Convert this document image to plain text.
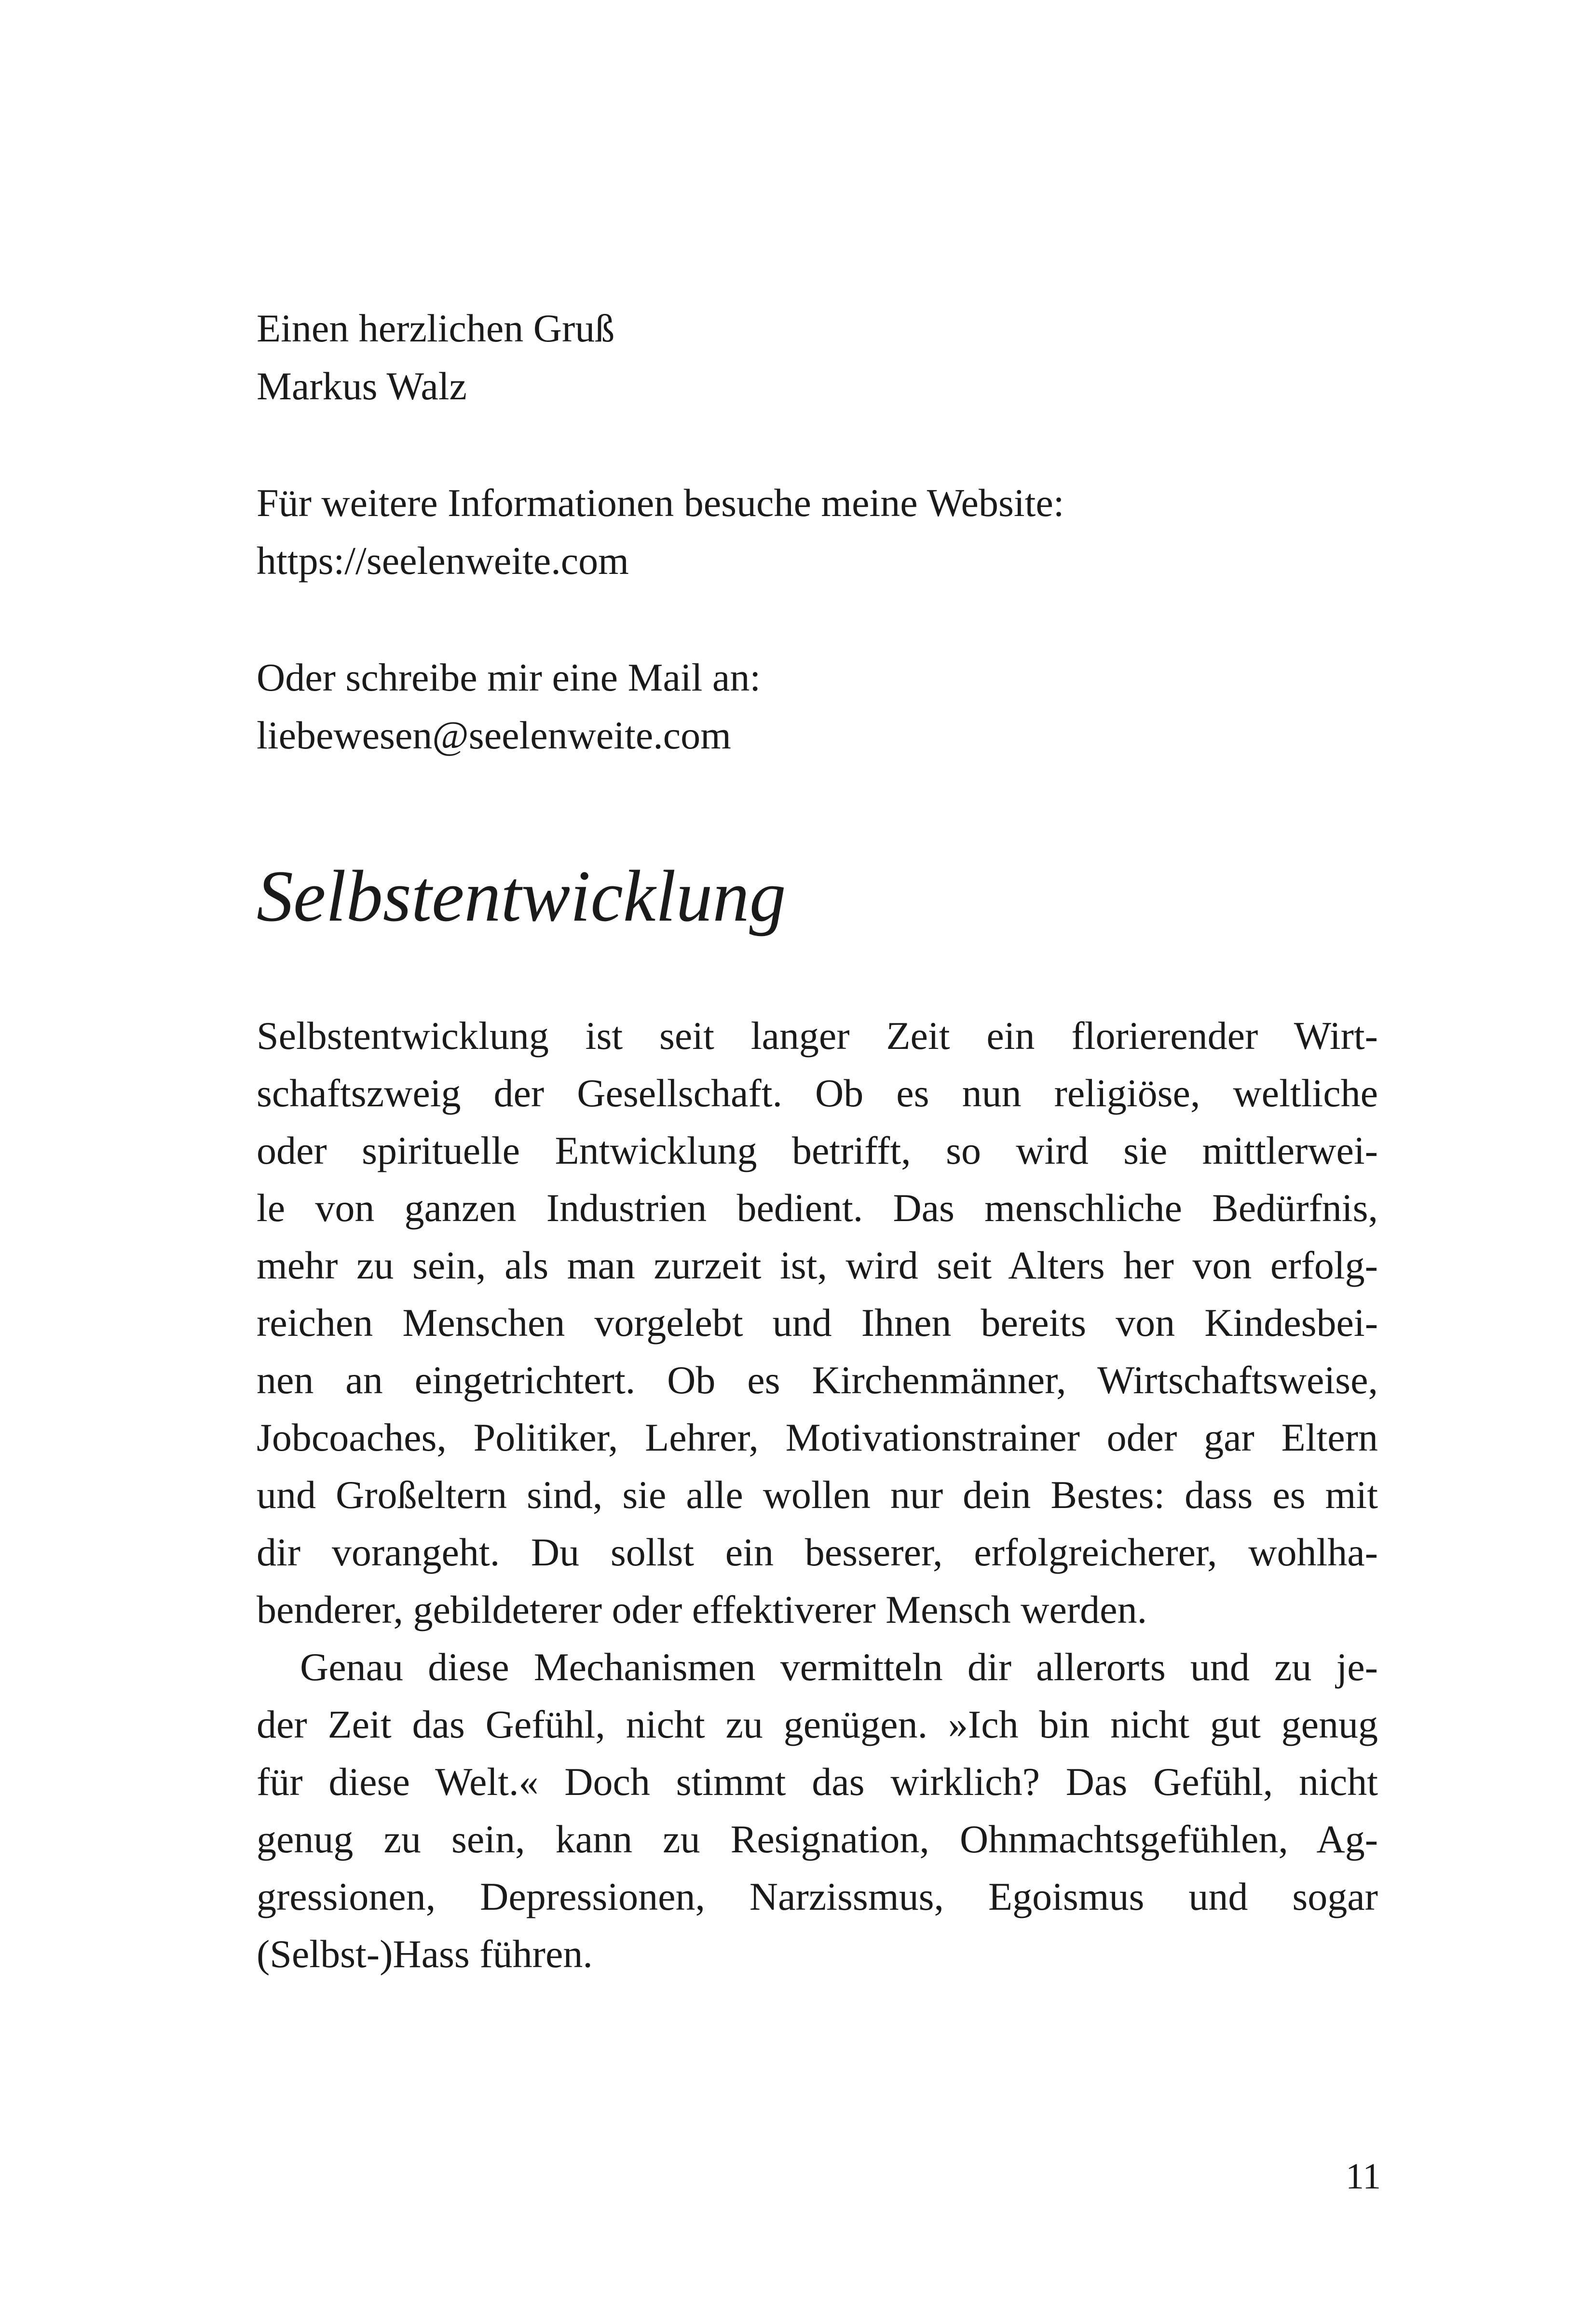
Einen herzlichen Gruß
Markus Walz
Für weitere Informationen besuche meine Website:
https://seelenweite.com
Oder schreibe mir eine Mail an:
liebewesen@seelenweite.com
Selbstentwicklung
Selbstentwicklung ist seit langer Zeit ein florierender Wirt-
schaftszweig der Gesellschaft. Ob es nun religiöse, weltliche
oder spirituelle Entwicklung betrifft, so wird sie mittlerwei-
le von ganzen Industrien bedient. Das menschliche Bedürfnis,
mehr zu sein, als man zurzeit ist, wird seit Alters her von erfolg-
reichen Menschen vorgelebt und Ihnen bereits von Kindesbei-
nen an eingetrichtert. Ob es Kirchenmänner, Wirtschaftsweise,
Jobcoaches, Politiker, Lehrer, Motivationstrainer oder gar Eltern
und Großeltern sind, sie alle wollen nur dein Bestes: dass es mit
dir vorangeht. Du sollst ein besserer, erfolgreicherer, wohlha-
benderer, gebildeterer oder effektiverer Mensch werden.
Genau diese Mechanismen vermitteln dir allerorts und zu je-
der Zeit das Gefühl, nicht zu genügen. »Ich bin nicht gut genug
für diese Welt.« Doch stimmt das wirklich? Das Gefühl, nicht
genug zu sein, kann zu Resignation, Ohnmachtsgefühlen, Ag-
gressionen, Depressionen, Narzissmus, Egoismus und sogar
(Selbst-)Hass führen.
11
